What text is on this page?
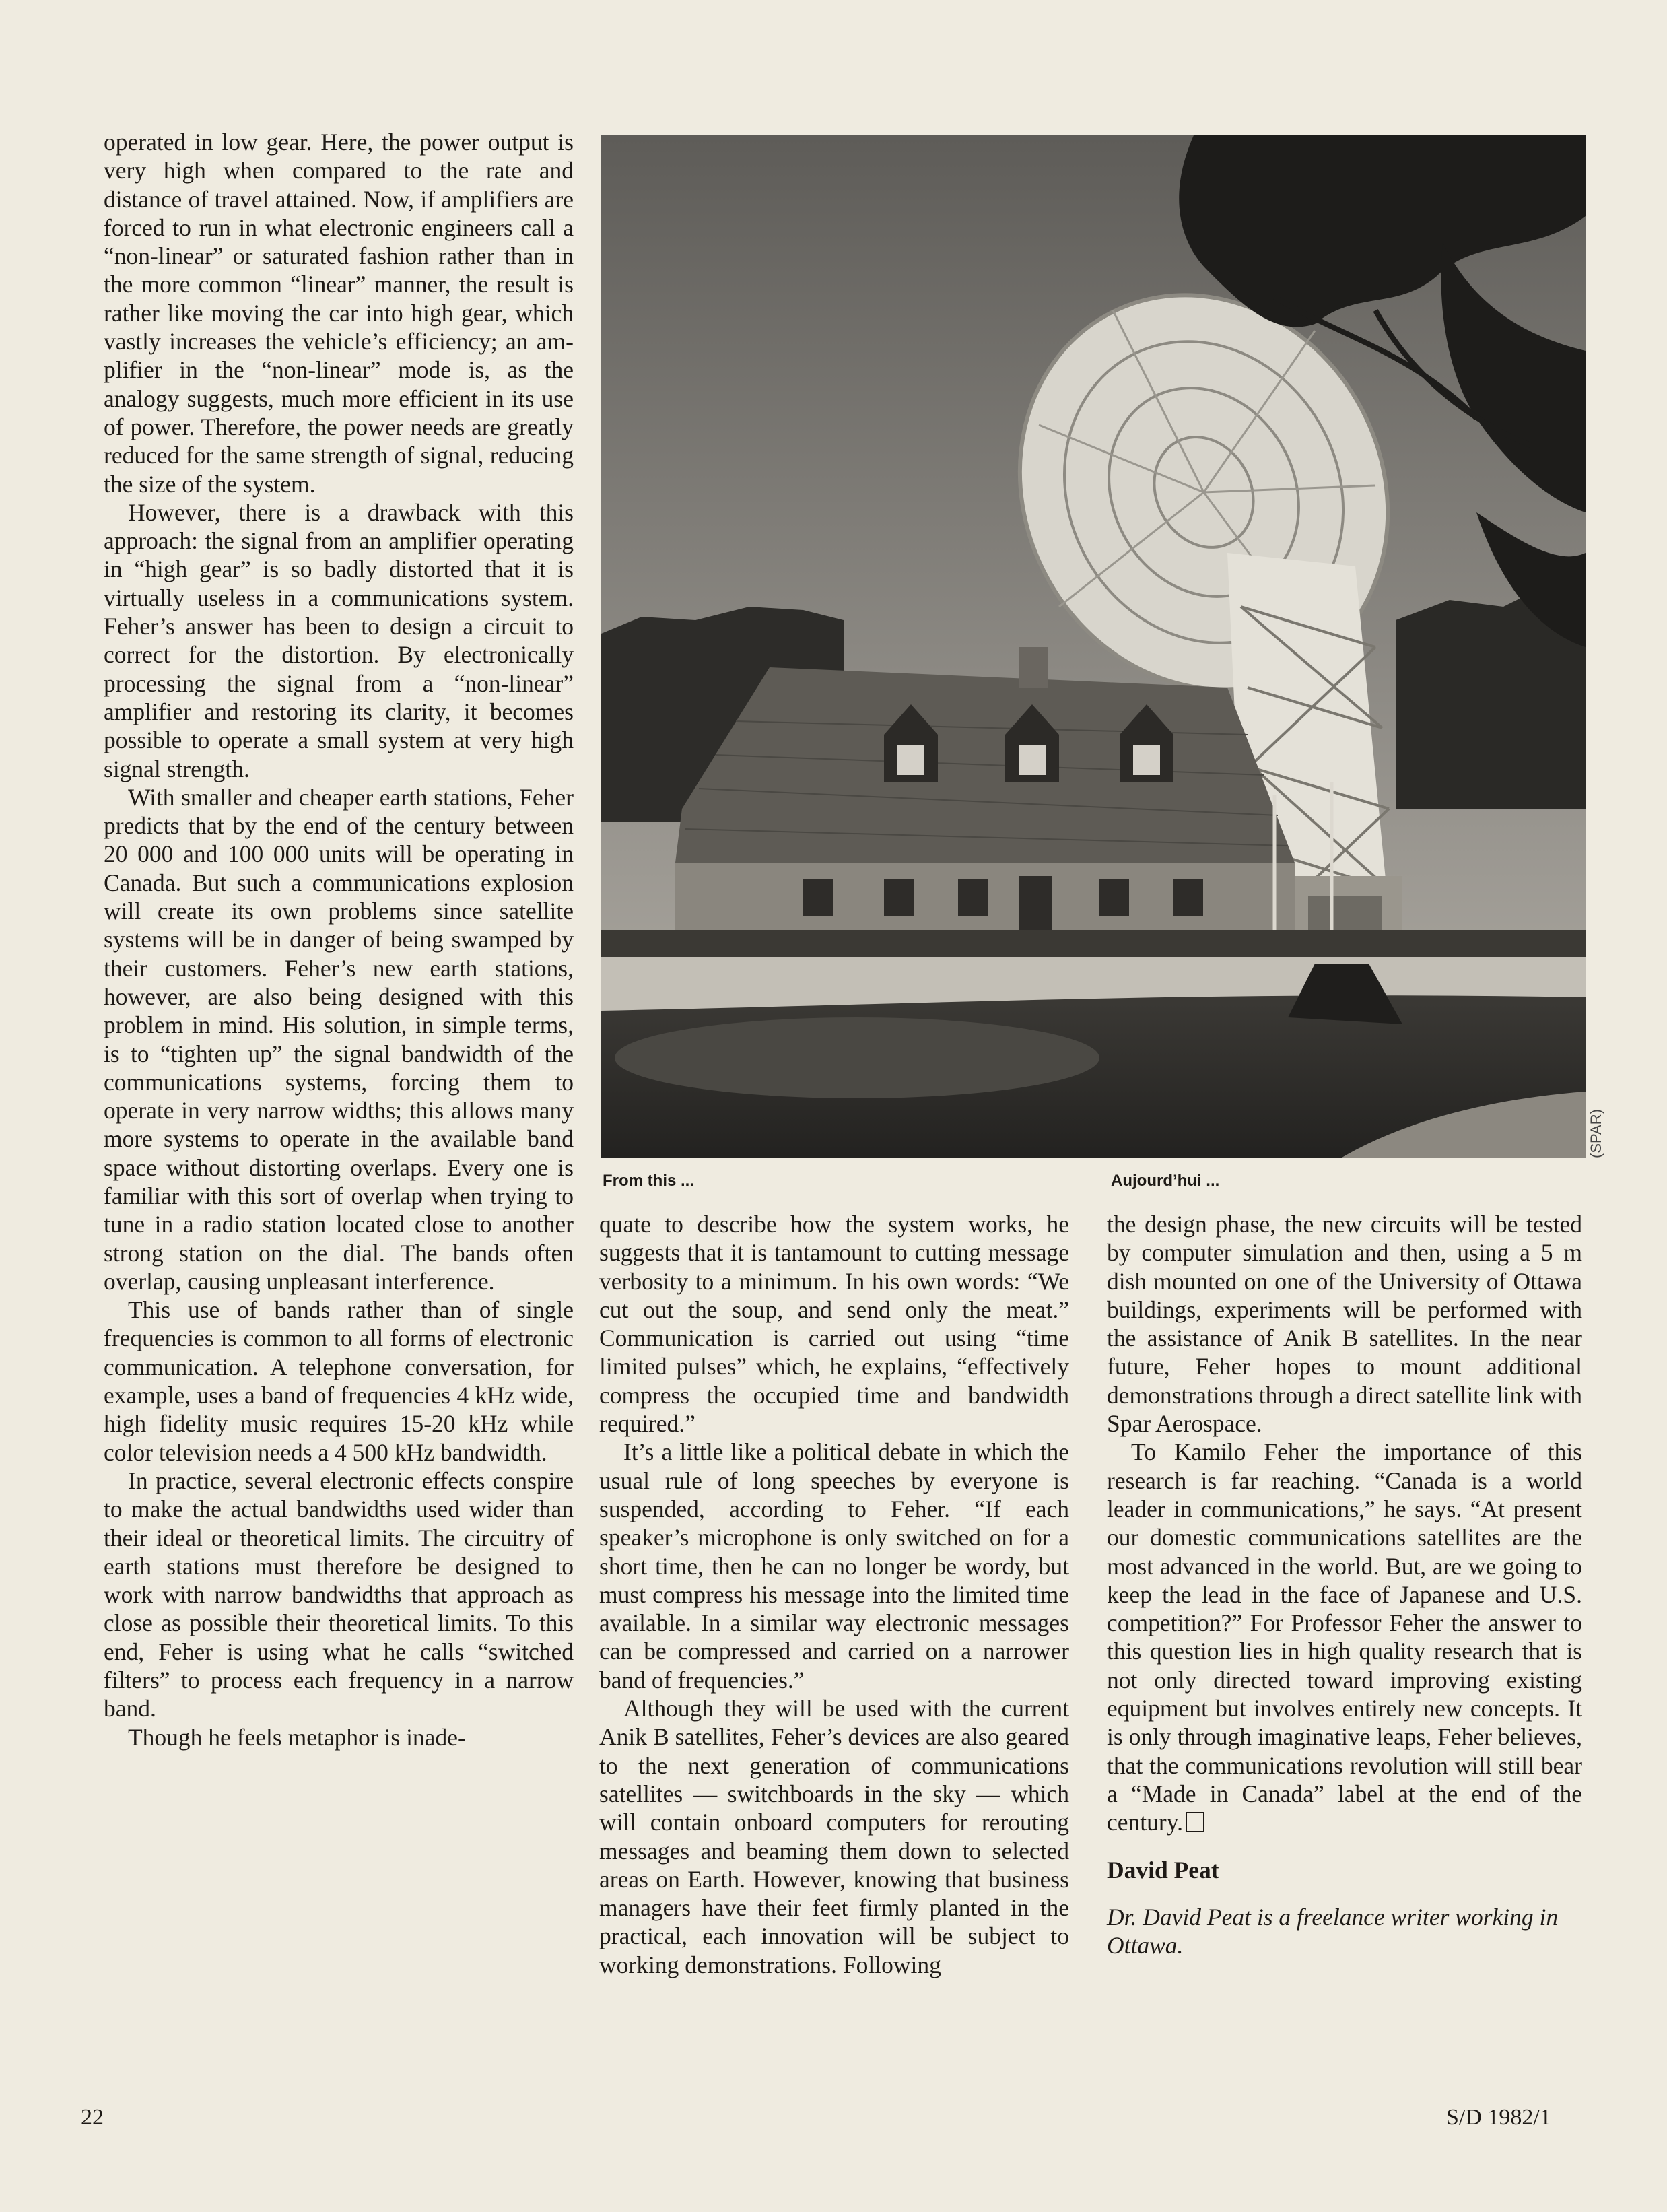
operated in low gear. Here, the power output is very high when compared to the rate and distance of travel attained. Now, if amplifiers are forced to run in what electronic engineers call a “non-linear” or saturated fashion rather than in the more common “linear” manner, the result is rather like moving the car into high gear, which vastly increases the vehicle’s efficiency; an amplifier in the “non-linear” mode is, as the analogy suggests, much more efficient in its use of power. Therefore, the power needs are greatly reduced for the same strength of signal, reducing the size of the system.

However, there is a drawback with this approach: the signal from an amplifier operating in “high gear” is so badly distorted that it is virtually useless in a communications system. Feher’s answer has been to design a circuit to correct for the distortion. By electronically processing the signal from a “non-linear” amplifier and restoring its clarity, it becomes possible to operate a small system at very high signal strength.

With smaller and cheaper earth stations, Feher predicts that by the end of the century between 20 000 and 100 000 units will be operating in Canada. But such a communications explosion will create its own problems since satellite systems will be in danger of being swamped by their customers. Feher’s new earth stations, however, are also being designed with this problem in mind. His solution, in simple terms, is to “tighten up” the signal bandwidth of the communications systems, forcing them to operate in very narrow widths; this allows many more systems to operate in the available band space without distorting overlaps. Every one is familiar with this sort of overlap when trying to tune in a radio station located close to another strong station on the dial. The bands often overlap, causing unpleasant interference.

This use of bands rather than of single frequencies is common to all forms of electronic communication. A telephone conversation, for example, uses a band of frequencies 4 kHz wide, high fidelity music requires 15-20 kHz while color television needs a 4 500 kHz bandwidth.

In practice, several electronic effects conspire to make the actual bandwidths used wider than their ideal or theoretical limits. The circuitry of earth stations must therefore be designed to work with narrow bandwidths that approach as close as possible their theoretical limits. To this end, Feher is using what he calls “switched filters” to process each frequency in a narrow band.

Though he feels metaphor is inade-

From this ...	Aujourd’hui ...
(SPAR)

quate to describe how the system works, he suggests that it is tantamount to cutting message verbosity to a minimum. In his own words: “We cut out the soup, and send only the meat.” Communication is carried out using “time limited pulses” which, he explains, “effectively compress the occupied time and bandwidth required.”

It’s a little like a political debate in which the usual rule of long speeches by everyone is suspended, according to Feher. “If each speaker’s microphone is only switched on for a short time, then he can no longer be wordy, but must compress his message into the limited time available. In a similar way electronic messages can be compressed and carried on a narrower band of frequencies.”

Although they will be used with the current Anik B satellites, Feher’s devices are also geared to the next generation of communications satellites — switchboards in the sky — which will contain onboard computers for rerouting messages and beaming them down to selected areas on Earth. However, knowing that business managers have their feet firmly planted in the practical, each innovation will be subject to working demonstrations. Following

the design phase, the new circuits will be tested by computer simulation and then, using a 5 m dish mounted on one of the University of Ottawa buildings, experiments will be performed with the assistance of Anik B satellites. In the near future, Feher hopes to mount additional demonstrations through a direct satellite link with Spar Aerospace.

To Kamilo Feher the importance of this research is far reaching. “Canada is a world leader in communications,” he says. “At present our domestic communications satellites are the most advanced in the world. But, are we going to keep the lead in the face of Japanese and U.S. competition?” For Professor Feher the answer to this question lies in high quality research that is not only directed toward improving existing equipment but involves entirely new concepts. It is only through imaginative leaps, Feher believes, that the communications revolution will still bear a “Made in Canada” label at the end of the century.

David Peat

Dr. David Peat is a freelance writer working in Ottawa.

22	S/D 1982/1
